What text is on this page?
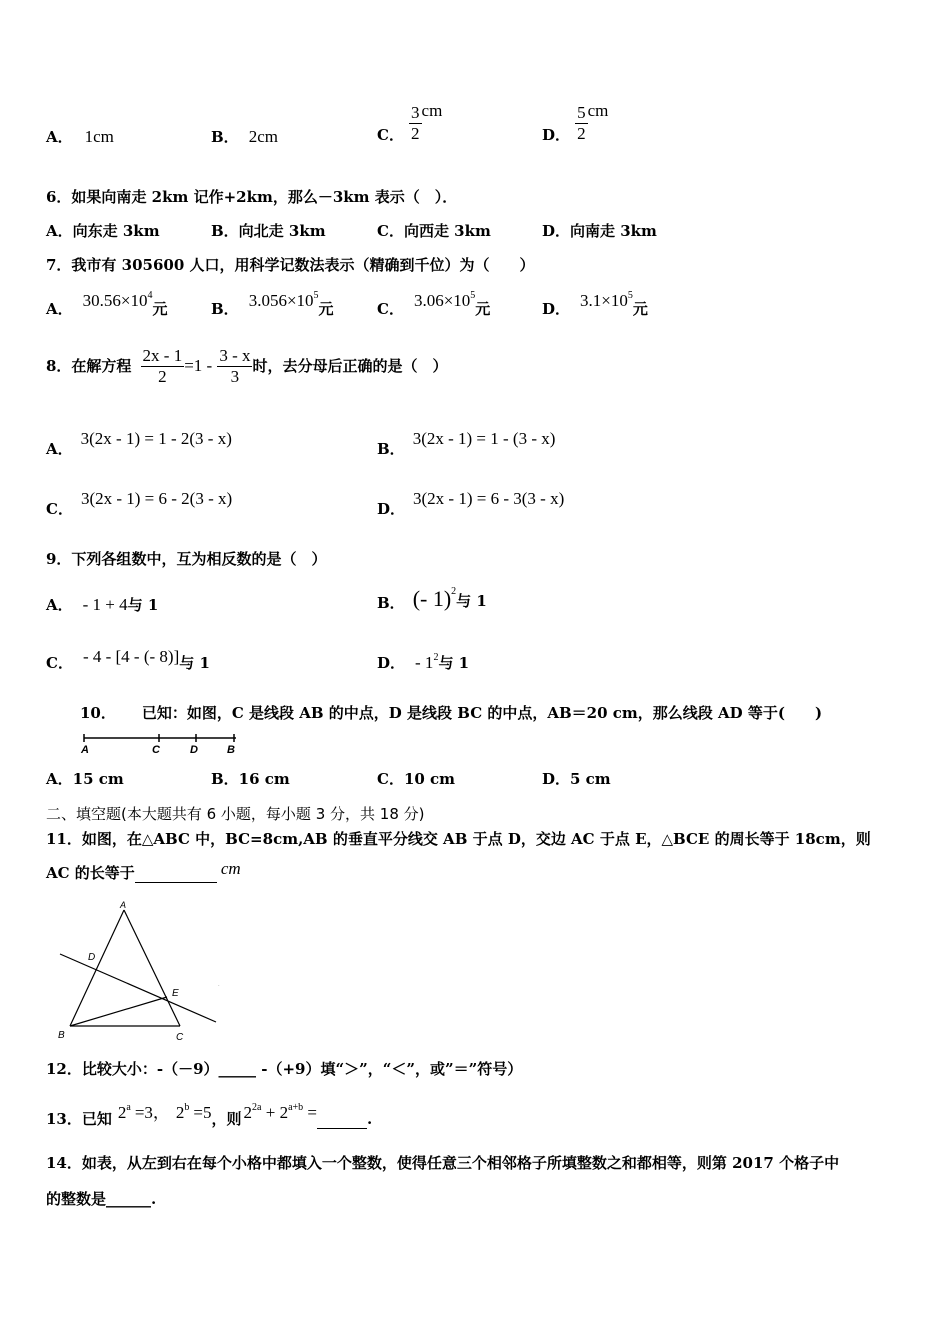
A． 1cm	B． 2cm	C． $\frac{3}{2}$ cm
D． $\frac{5}{2}$ cm
6．如果向南走 2km 记作+2km，那么－3km 表示（　）．
A．向东走 3km	B．向北走 3km	C．向西走 3km	D．向南走 3km
7．我市有 305600 人口，用科学记数法表示（精确到千位）为（　　）
A． $30.56\times 10^4$元	B． $3.056\times 10^5$元	C． $3.06\times 10^5$元	D． $3.1\times 10^5$元
8．在解方程 $\frac{2x - 1}{2} =1 - \frac{3 - x}{3}$ 时，去分母后正确的是（　）
A．3(2x - 1) = 1 - 2(3 - x)
B．3(2x - 1) = 1 - (3 - x)
C．3(2x - 1) = 6 - 2(3 - x)
D．3(2x - 1) = 6 - 3(3 - x)
9．下列各组数中，互为相反数的是（　）
A． - 1 + 4与 1	B． (- 1)$^2$与 1
C． - 4 - [4 - (- 8)]与 1	D． - $1^2$与 1
10． 已知：如图，C 是线段 AB 的中点，D 是线段 BC 的中点，AB＝20 cm，那么线段 AD 等于(　　)
A	C	D	B
A．15 cm	B．16 cm	C．10 cm	D．5 cm
二、填空题(本大题共有 6 小题，每小题 3 分，共 18 分)
11．如图，在△ABC 中，BC=8cm,AB 的垂直平分线交 AB 于点 D，交边 AC 于点 E，△BCE 的周长等于 18cm，则
AC 的长等于	cm
A
D
E
B	C
.
12．比较大小：-（－9）_____ -（+9）填“＞”，“＜”，或”＝”符号）
13．已知 $2^a =3$， $2^b =5$，则 $2^{2a} + 2^{a+b}$ =	.
14．如表，从左到右在每个小格中都填入一个整数，使得任意三个相邻格子所填整数之和都相等，则第 2017 个格子中
的整数是______.
